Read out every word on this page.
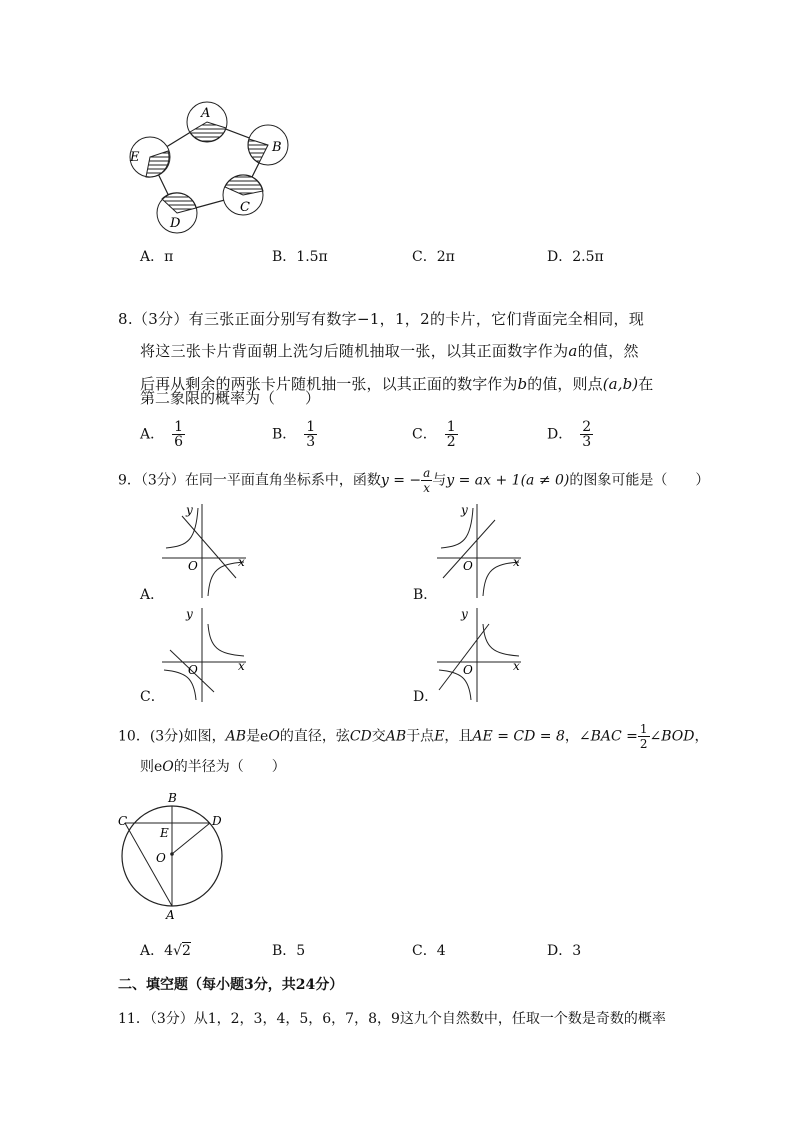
A
B
C
D
E
A．π	B．1.5π	C．2π	D．2.5π
8.（3分）有三张正面分别写有数字−1，1，2的卡片，它们背面完全相同，现
将这三张卡片背面朝上洗匀后随机抽取一张，以其正面数字作为a的值，然
后再从剩余的两张卡片随机抽一张，以其正面的数字作为b的值，则点(a,b)在
第二象限的概率为（　　）
A． $\frac{1}{6}$	B． $\frac{1}{3}$	C． $\frac{1}{2}$	D． $\frac{2}{3}$
9．（3分）在同一平面直角坐标系中，函数y = − $\frac{a}{x}$ 与y = ax + 1(a ≠ 0)的图象可能是（　　）
y
x
O
A．
y
x
O
B．
y
x
O
C．
y
x
O
D．
10．(3分)如图，AB是eO的直径，弦CD交AB于点E，且AE = CD = 8，∠BAC = $\frac{1}{2}$ ∠BOD，
则eO的半径为（　　）
B
C	D
E
O
A
A．4√2	B．5	C．4	D．3
二、填空题（每小题3分，共24分）
11．（3分）从1，2，3，4，5，6，7，8，9这九个自然数中，任取一个数是奇数的概率
